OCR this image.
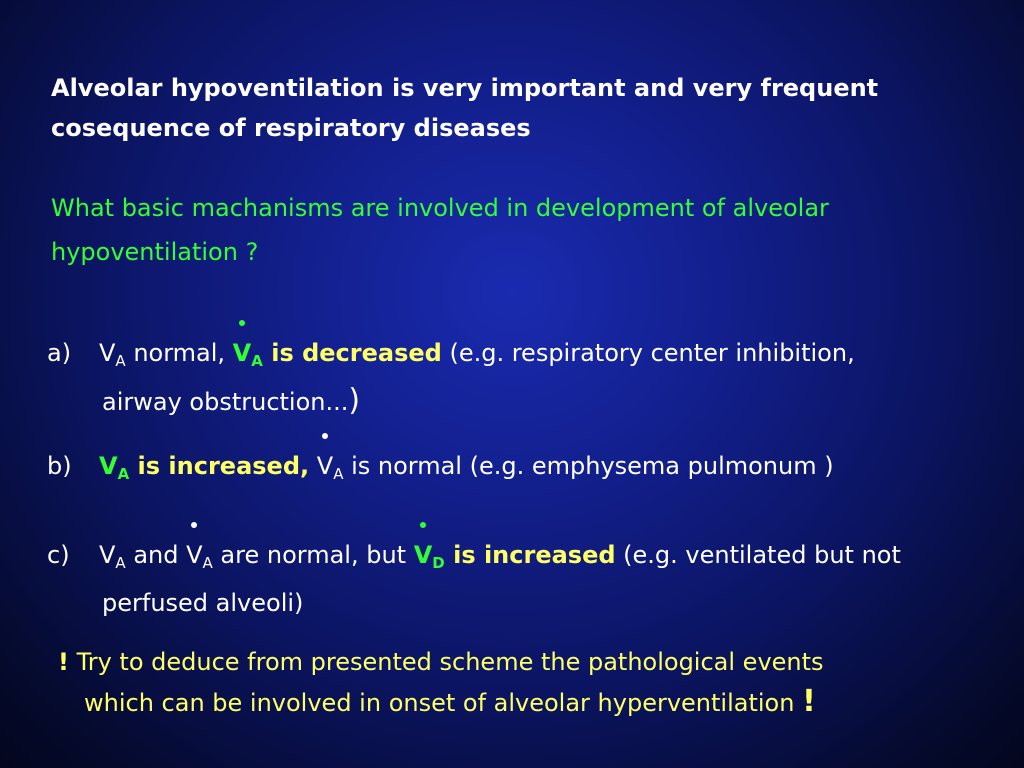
Alveolar hypoventilation is very important and very frequent
cosequence of respiratory diseases
What basic machanisms are involved in development of alveolar
hypoventilation ?
a) $V_A$ normal, $V_A$ is decreased (e.g. respiratory center inhibition,
airway obstruction...)
b) $V_A$ is increased, $V_A$ is normal (e.g. emphysema pulmonum )
c) $V_A$ and $V_A$ are normal, but $V_D$ is increased (e.g. ventilated but not
perfused alveoli)
! Try to deduce from presented scheme the pathological events
which can be involved in onset of alveolar hyperventilation !
